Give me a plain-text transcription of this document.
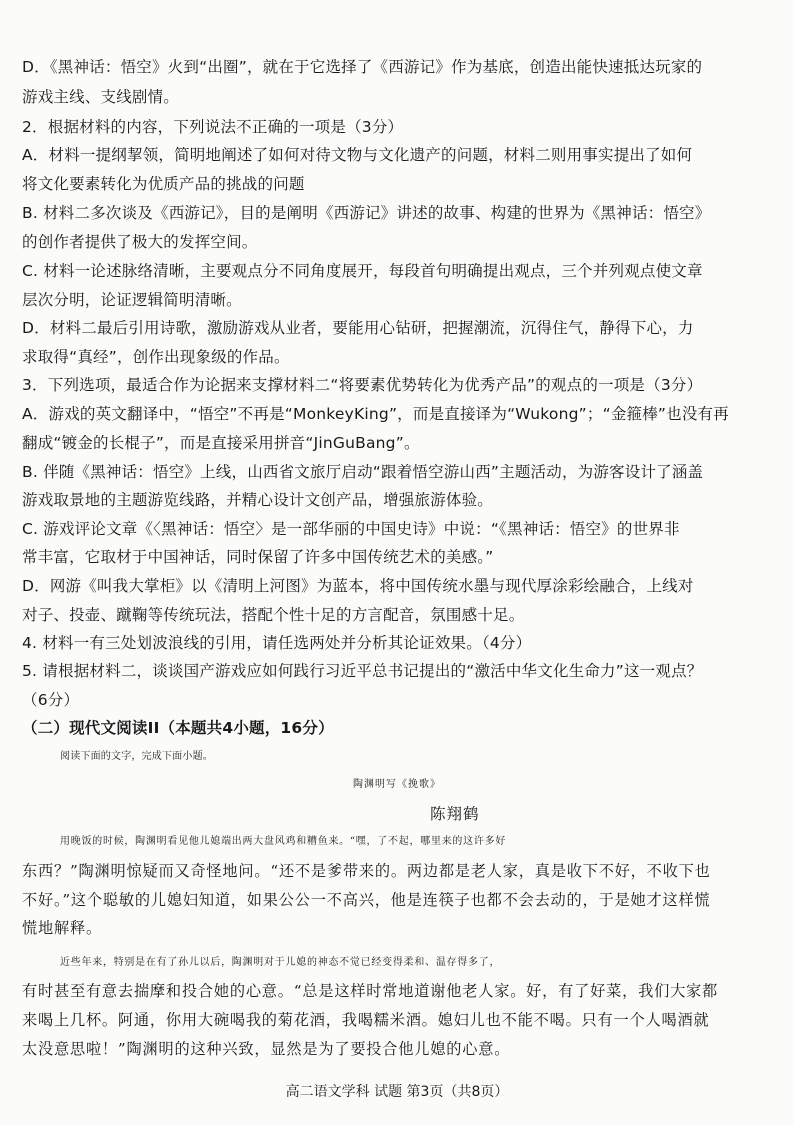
D．《黑神话：悟空》火到“出圈”，就在于它选择了《西游记》作为基底，创造出能快速抵达玩家的
游戏主线、支线剧情。
2．根据材料的内容，下列说法不正确的一项是（3分）
A．材料一提纲挈领，简明地阐述了如何对待文物与文化遗产的问题，材料二则用事实提出了如何
将文化要素转化为优质产品的挑战的问题
B. 材料二多次谈及《西游记》，目的是阐明《西游记》讲述的故事、构建的世界为《黑神话：悟空》
的创作者提供了极大的发挥空间。
C. 材料一论述脉络清晰，主要观点分不同角度展开，每段首句明确提出观点，三个并列观点使文章
层次分明，论证逻辑简明清晰。
D．材料二最后引用诗歌，激励游戏从业者，要能用心钻研，把握潮流，沉得住气，静得下心，力
求取得“真经”，创作出现象级的作品。
3．下列选项，最适合作为论据来支撑材料二“将要素优势转化为优秀产品”的观点的一项是（3分）
A．游戏的英文翻译中，“悟空”不再是“MonkeyKing”，而是直接译为“Wukong”；“金箍棒”也没有再
翻成“镀金的长棍子”，而是直接采用拼音“JinGuBang”。
B. 伴随《黑神话：悟空》上线，山西省文旅厅启动“跟着悟空游山西”主题活动，为游客设计了涵盖
游戏取景地的主题游览线路，并精心设计文创产品，增强旅游体验。
C. 游戏评论文章《〈黑神话：悟空〉是一部华丽的中国史诗》中说：“《黑神话：悟空》的世界非
常丰富，它取材于中国神话，同时保留了许多中国传统艺术的美感。”
D．网游《叫我大掌柜》以《清明上河图》为蓝本，将中国传统水墨与现代厚涂彩绘融合，上线对
对子、投壶、蹴鞠等传统玩法，搭配个性十足的方言配音，氛围感十足。
4. 材料一有三处划波浪线的引用，请任选两处并分析其论证效果。（4分）
5. 请根据材料二，谈谈国产游戏应如何践行习近平总书记提出的“激活中华文化生命力”这一观点？
（6分）
（二）现代文阅读II（本题共4小题，16分）
阅读下面的文字，完成下面小题。
陶渊明写《挽歌》
陈翔鹤
用晚饭的时候，陶渊明看见他儿媳端出两大盘风鸡和糟鱼来。“嘿，了不起，哪里来的这许多好
东西？”陶渊明惊疑而又奇怪地问。“还不是爹带来的。两边都是老人家，真是收下不好，不收下也
不好。”这个聪敏的儿媳妇知道，如果公公一不高兴，他是连筷子也都不会去动的，于是她才这样慌
慌地解释。
近些年来，特别是在有了孙儿以后，陶渊明对于儿媳的神态不觉已经变得柔和、温存得多了，
有时甚至有意去揣摩和投合她的心意。“总是这样时常地道谢他老人家。好，有了好菜，我们大家都
来喝上几杯。阿通，你用大碗喝我的菊花酒，我喝糯米酒。媳妇儿也不能不喝。只有一个人喝酒就
太没意思啦！”陶渊明的这种兴致，显然是为了要投合他儿媳的心意。
高二语文学科 试题 第3页（共8页）
